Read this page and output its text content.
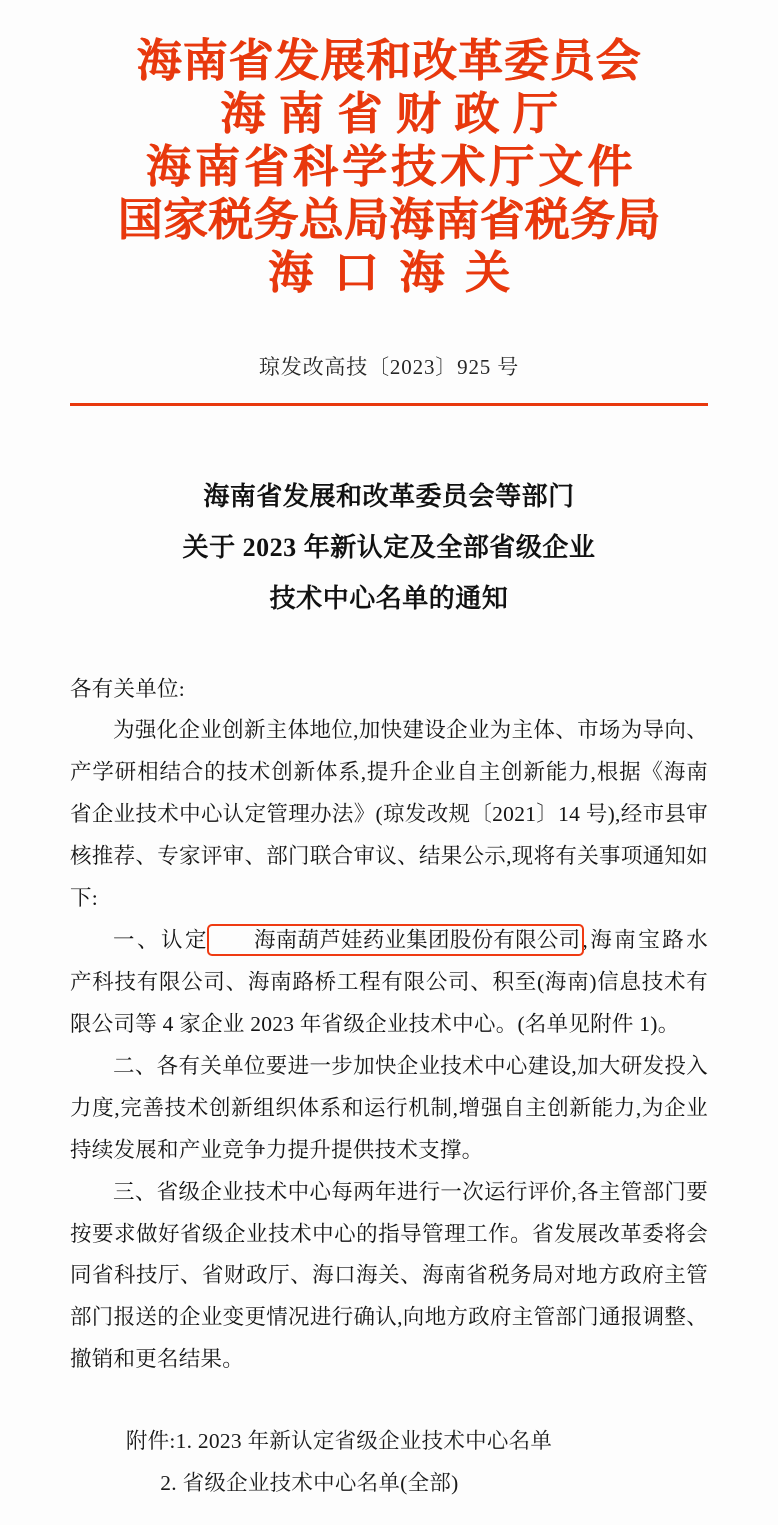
海南省发展和改革委员会
海南省财政厅
海南省科学技术厅文件
国家税务总局海南省税务局
海口海关
琼发改高技〔2023〕925 号
海南省发展和改革委员会等部门
关于 2023 年新认定及全部省级企业
技术中心名单的通知

各有关单位:

为强化企业创新主体地位,加快建设企业为主体、市场为导向、产学研相结合的技术创新体系,提升企业自主创新能力,根据《海南省企业技术中心认定管理办法》(琼发改规〔2021〕14 号),经市县审核推荐、专家评审、部门联合审议、结果公示,现将有关事项通知如下:

一、认定 海南葫芦娃药业集团股份有限公司,海南宝路水产科技有限公司、海南路桥工程有限公司、积至(海南)信息技术有限公司等 4 家企业 2023 年省级企业技术中心。(名单见附件 1)。

二、各有关单位要进一步加快企业技术中心建设,加大研发投入力度,完善技术创新组织体系和运行机制,增强自主创新能力,为企业持续发展和产业竞争力提升提供技术支撑。

三、省级企业技术中心每两年进行一次运行评价,各主管部门要按要求做好省级企业技术中心的指导管理工作。省发展改革委将会同省科技厅、省财政厅、海口海关、海南省税务局对地方政府主管部门报送的企业变更情况进行确认,向地方政府主管部门通报调整、撤销和更名结果。

附件:1. 2023 年新认定省级企业技术中心名单

2. 省级企业技术中心名单(全部)
